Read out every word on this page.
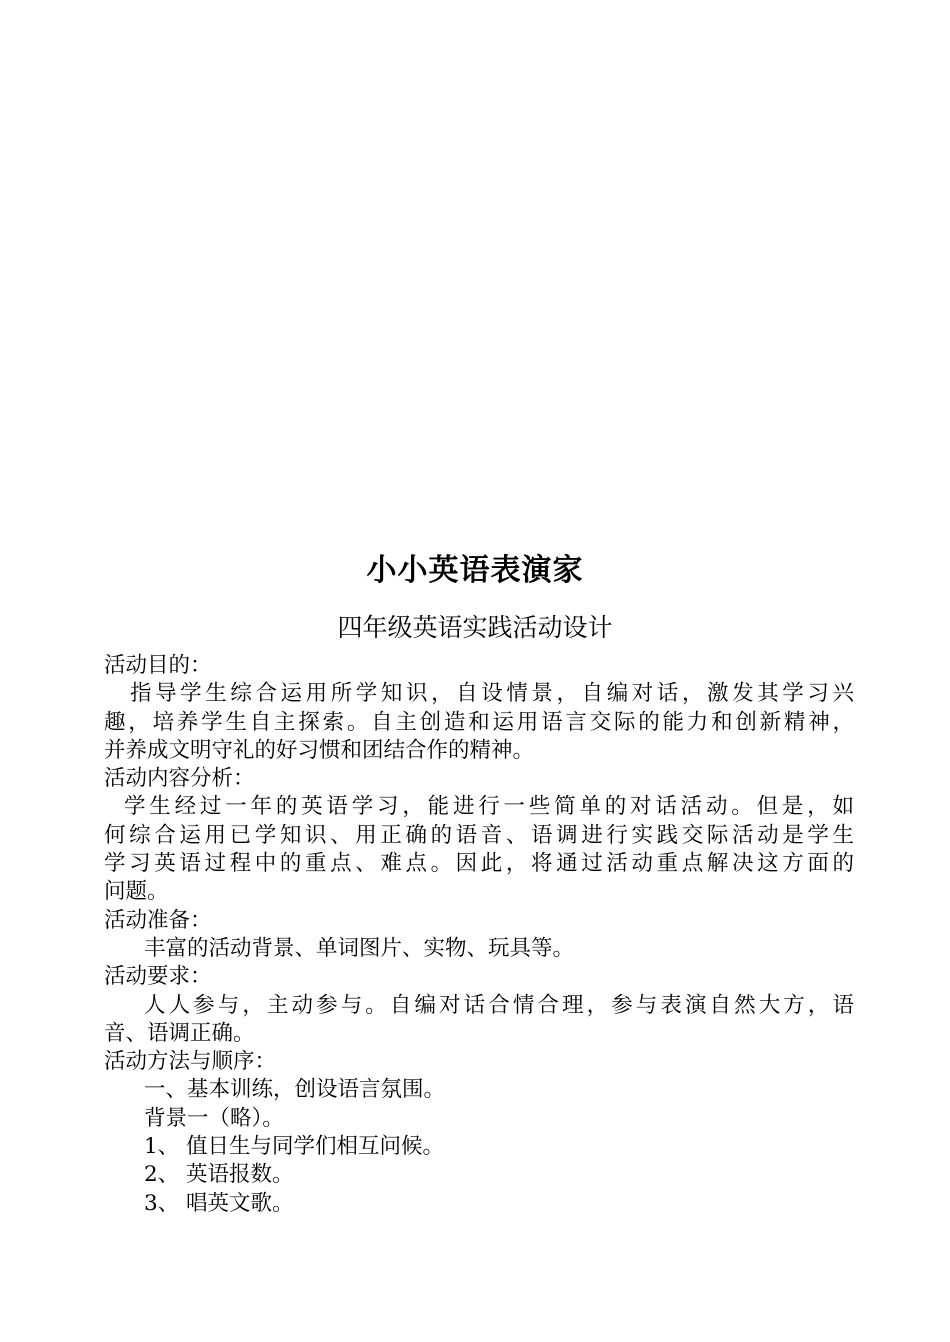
小小英语表演家
四年级英语实践活动设计
活动目的：
指导学生综合运用所学知识，自设情景，自编对话，激发其学习兴
趣，培养学生自主探索。自主创造和运用语言交际的能力和创新精神，
并养成文明守礼的好习惯和团结合作的精神。
活动内容分析：
学生经过一年的英语学习，能进行一些简单的对话活动。但是，如
何综合运用已学知识、用正确的语音、语调进行实践交际活动是学生
学习英语过程中的重点、难点。因此，将通过活动重点解决这方面的
问题。
活动准备：
丰富的活动背景、单词图片、实物、玩具等。
活动要求：
人人参与，主动参与。自编对话合情合理，参与表演自然大方，语
音、语调正确。
活动方法与顺序：
一、基本训练，创设语言氛围。
背景一（略）。
1、 值日生与同学们相互问候。
2、 英语报数。
3、 唱英文歌。
